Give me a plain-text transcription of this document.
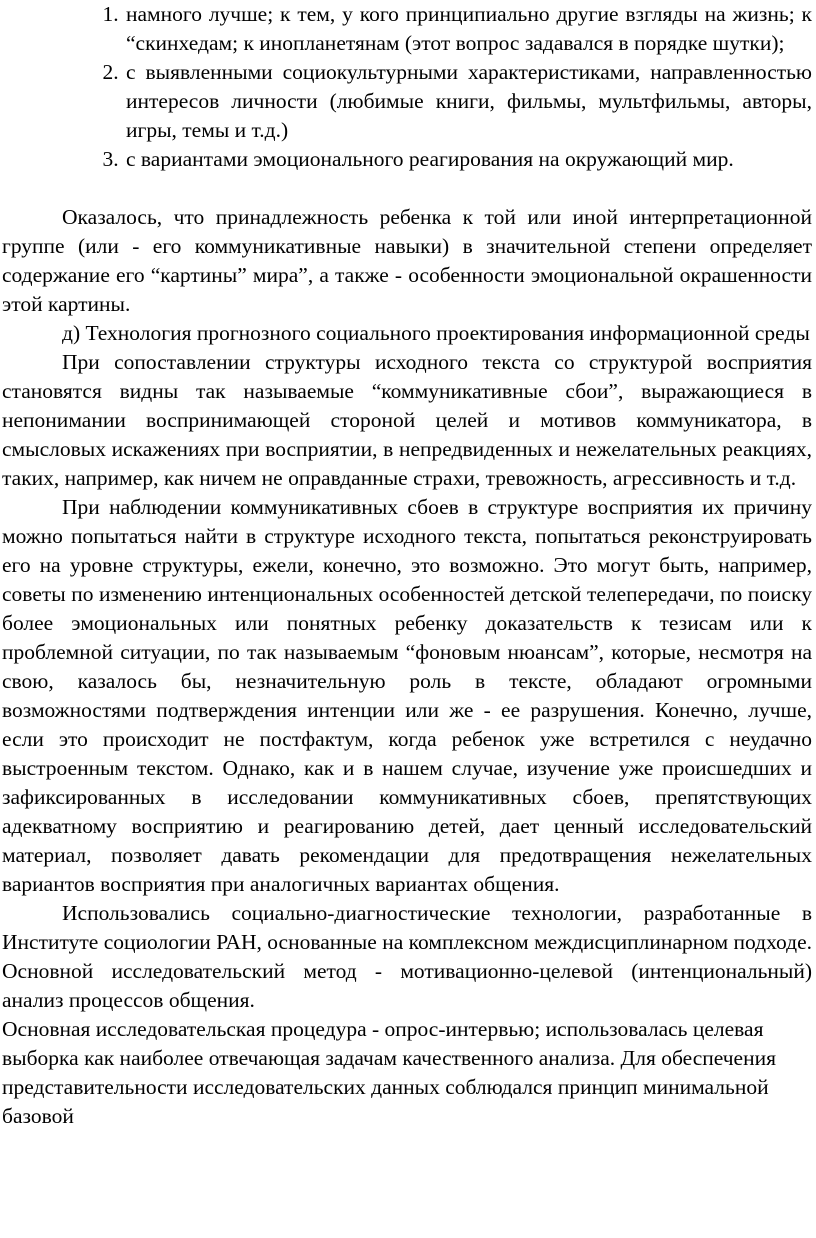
1. намного лучше; к тем, у кого принципиально другие взгляды на жизнь; к “скинхедам; к инопланетянам (этот вопрос задавался в порядке шутки);
2. с выявленными социокультурными характеристиками, направленностью интересов личности (любимые книги, фильмы, мультфильмы, авторы, игры, темы и т.д.)
3. с вариантами эмоционального реагирования на окружающий мир.

Оказалось, что принадлежность ребенка к той или иной интерпретационной группе (или - его коммуникативные навыки) в значительной степени определяет содержание его “картины” мира”, а также - особенности эмоциональной окрашенности этой картины.

д) Технология прогнозного социального проектирования информационной среды

При сопоставлении структуры исходного текста со структурой восприятия становятся видны так называемые “коммуникативные сбои”, выражающиеся в непонимании воспринимающей стороной целей и мотивов коммуникатора, в смысловых искажениях при восприятии, в непредвиденных и нежелательных реакциях, таких, например, как ничем не оправданные страхи, тревожность, агрессивность и т.д.

При наблюдении коммуникативных сбоев в структуре восприятия их причину можно попытаться найти в структуре исходного текста, попытаться реконструировать его на уровне структуры, ежели, конечно, это возможно. Это могут быть, например, советы по изменению интенциональных особенностей детской телепередачи, по поиску более эмоциональных или понятных ребенку доказательств к тезисам или к проблемной ситуации, по так называемым “фоновым нюансам”, которые, несмотря на свою, казалось бы, незначительную роль в тексте, обладают огромными возможностями подтверждения интенции или же - ее разрушения. Конечно, лучше, если это происходит не постфактум, когда ребенок уже встретился с неудачно выстроенным текстом. Однако, как и в нашем случае, изучение уже происшедших и зафиксированных в исследовании коммуникативных сбоев, препятствующих адекватному восприятию и реагированию детей, дает ценный исследовательский материал, позволяет давать рекомендации для предотвращения нежелательных вариантов восприятия при аналогичных вариантах общения.

Использовались социально-диагностические технологии, разработанные в Институте социологии РАН, основанные на комплексном междисциплинарном подходе. Основной исследовательский метод - мотивационно-целевой (интенциональный) анализ процессов общения.

Основная исследовательская процедура - опрос-интервью; использовалась целевая выборка как наиболее отвечающая задачам качественного анализа. Для обеспечения представительности исследовательских данных соблюдался принцип минимальной базовой
